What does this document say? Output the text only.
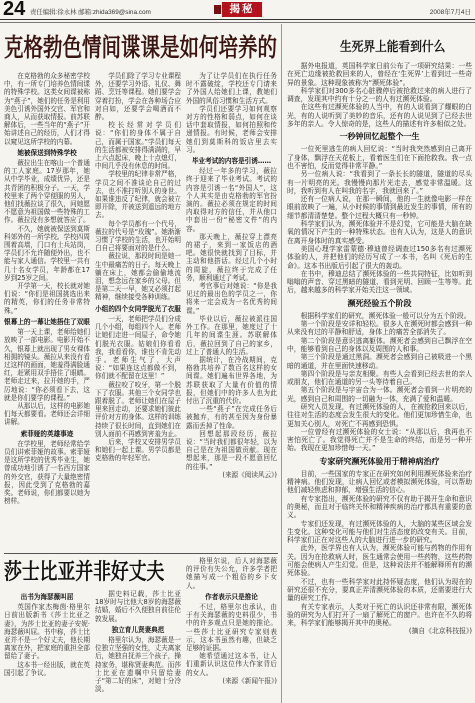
24 责任编辑:徐永林 邮箱:zhida369@sina.com	揭秘	2008年7月4日
克格勃色情间谍课是如何培养的

在克格勃的众多秘密学校中，有一所专门培养色情间谍的特殊学校。这类女间谍被称为“燕子”，她们的任务是利用美色引诱外国外交官、军官和商人，从而获取情报。前苏联解体后，一些当年的“燕子”开始讲述自己的经历，人们才得以窥见这所学校的内幕。

她被保送到特殊学校

薇拉出生在喀山一个普通的工人家庭。17岁那年，她从中学毕业，成绩优异，还是共青团的积极分子。一天，学校里来了两个穿便服的男人，他们找薇拉谈了很久，问她愿不愿意为祖国做一些特殊的工作。薇拉没有多想就答应了。

不久，她就被保送到莫斯科郊外的一所学校。学校四周围着高墙，门口有士兵站岗，学员们不允许随便外出，也不能与家人通信。学校里一共有几十名女学员，年龄都在17岁到25岁之间。

开学第一天，校长就对她们说：“你们是祖国挑选出来的精英，你们的任务非常特殊。”

银幕上的一幕让她捂住了双眼

第一天上课，老师给她们放映了一部电影。电影开始不久，银幕上就出现了男女裸体相拥的镜头。薇拉从来没有看过这样的画面，她羞得满脸通红，赶紧用双手捂住了眼睛。老师走过来，拉开她的手，严厉地说：“你必须看下去，这就是你们要学的课程。”

从那以后，这样的电影她们每天都要看。老师还会详细讲解。

索菲娅的英雄事迹

在学校里，老师经常给学员们讲索菲娅的故事。索菲娅是这所学校的优秀毕业生，她曾成功地引诱了一名西方国家的外交官，获得了大量绝密情报，因此受到了克格勃的嘉奖。老师说，你们都要以她为榜样。

学员们除了学习专业课程外，还要学习外语、礼仪、舞蹈、烹饪等课程。她们要学会穿着打扮，学会在各种场合应对自如，还要学会喝酒而不醉。

校长经常对学员们说：“你们的身体不属于自己，而属于国家。”学员们每天的生活都被安排得满满的，早上六点起床，晚上十点熄灯，中间几乎没有休息的时间。

学校里的纪律非常严格，学员之间不准谈论自己的过去，也不准打听别人的身世。如果谁违反了纪律，就会被立即开除，并被送到遥远的地方去。

每个学员都有一个代号，薇拉的代号是“玫瑰”。她渐渐习惯了学校的生活，也开始明白自己将要面对的是什么。

薇拉说，那段时间是她一生中最痛苦的日子。每天晚上躺在床上，她都会偷偷地流泪，想念远在家乡的父母。但是第二天一早，她又必须打起精神，继续接受各种训练。

小组的四个女同学脱光了衣服

一天，老师把学员们分成几个小组，每组四个人。老师让她们走进一间屋子，命令她们脱光衣服。姑娘们你看看我，我看看你，谁也不肯先动手。老师生气了，大声说：“如果连这点都做不到，你们就不配留在这里！”

薇拉咬了咬牙，第一个脱下了衣服。其他三个女同学也跟着脱了。老师让她们在屋子里来回走动，还要求她们彼此评价对方的身体。这样的训练持续了很长时间，直到她们在别人面前不再感到害羞为止。

后来，学校又安排男学员和她们一起上课。男学员都是克格勃的年轻军官。

为了让学员们在执行任务时不露破绽，学校还专门请来了外国人给她们上课，教她们外国的风俗习惯和生活方式。

学员们还要学习如何观察对方的性格和弱点，如何在谈话中套取情报，如何拍照和传递情报。有时候，老师会安排她们到莫斯科的饭店里去实习。

毕业考试的内容是引诱……

经过一年多的学习，薇拉终于迎来了毕业考试。考试的内容是引诱一名“外国人”，这个人其实是由克格勃的军官扮演的。薇拉必须在规定的时间内取得对方的信任，并从他口中套出一份“秘密文件”的内容。

那天晚上，薇拉穿上漂亮的裙子，来到一家饭店的酒吧。她很快就找到了目标，并主动和他搭话。经过几个小时的周旋，薇拉终于完成了任务，顺利通过了考试。

考官事后对她说：“你是我见过的最出色的学员之一，你将来一定会成为一名优秀的间谍。”

毕业以后，薇拉被派往国外工作。在那里，她度过了十几年的间谍生涯。苏联解体后，薇拉回到了自己的家乡，过上了普通人的生活。

据统计，在冷战期间，克格勃共培养了数百名这样的女间谍。她们遍布世界各地，为苏联获取了大量有价值的情报，但她们中的许多人也为此付出了沉重的代价。

一些“燕子”在完成任务后被抛弃，有的甚至因为身份暴露而丢掉了性命。

回想起那段经历，薇拉说：“当时我们都很年轻，以为自己是在为祖国做贡献。现在想起来，那是一段不愿意回忆的往事。”

(来源《阅读风云》)

生死界上能看到什么

据外电报道，英国科学家日前公布了一项研究结果：一些在死亡边缘被抢救回来的人，曾经在‘生死界’上看到过一些奇异的景象。这种现象被称为“濒死体验”。

科学家们对300多名心脏骤停后被抢救过来的病人进行了调查，发现其中约有十分之一的人有过濒死体验。

在这些有过濒死体验的人当中，有的人说看到了耀眼的白光，有的人说听到了美妙的音乐，还有的人说见到了已经去世多年的亲人。令人惊奇的是，这些人的描述有许多相似之处。

一秒钟回忆起整个一生

一位死里逃生的病人回忆说：“当时我突然感到自己离开了身体，飘浮在天花板上，看着医生们在下面抢救我。我一点也不害怕，反而觉得非常平静。”

另一位病人说：“我看到了一条长长的隧道，隧道的尽头有一片明亮的光。我慢慢向那片光走去，感觉非常温暖。这时，我听到有人在叫我的名字，我就回来了。”

还有一位病人说，在那一瞬间，他的一生就像电影一样在眼前放映了一遍，从小时候的事情到最近发生的事情，所有的细节都清清楚楚。整个过程大概只有一秒钟。

科学家们认为，濒死体验并不是幻觉，它可能是大脑在缺氧的情况下产生的一种特殊状态。也有人认为，这是人的意识在离开身体时的真实感受。

美国心理学家雷蒙德·穆迪曾经调查过150多名有过濒死体验的人，并把他们的经历写成了一本书，名叫《死后的生命》。这本书出版后引起了很大的轰动。

在书中，穆迪总结了濒死体验的一些共同特征，比如听到嗡嗡的声音、穿过黑暗的隧道、看到光明、回顾一生等等。此后，越来越多的科学家开始关注这一领域。

濒死经验五个阶段

根据科学家们的研究，濒死体验一般可以分为五个阶段。

第一个阶段是安详和轻松。很多人在濒死时都会感到一种从来没有过的平静和舒适，身体上的痛苦全部消失了。

第二个阶段是意识逃离躯体。濒死者会感到自己飘浮在空中，能够看到自己的身体以及周围的人和事。

第三个阶段是通过黑洞。濒死者会感到自己被吸进一个黑暗的通道，并在里面快速移动。

第四个阶段是与亲友相聚。有些人会看到已经去世的亲人或朋友，他们在通道的另一头等待着自己。

第五个阶段是与宇宙合为一体。濒死者会看到一片明亮的光，感到自己和周围的一切融为一体，充满了爱和温暖。

研究人员发现，有过濒死体验的人，在被抢救回来以后，往往对生活的态度会发生很大的变化。他们更加珍惜生命，也更加关心别人，对死亡不再感到恐惧。

一位曾经有过濒死体验的女士说：“从那以后，我再也不害怕死亡了。我觉得死亡并不是生命的终结，而是另一种开始。我现在更加珍惜每一天。”

专家研究濒死体验用于精神病治疗

目前，一些国家的专家正在研究如何利用濒死体验来治疗精神病。他们发现，让病人回忆或者模拟濒死体验，可以帮助他们减轻焦虑和抑郁，增强生活的信心。

有专家指出，濒死体验的研究不仅有助于揭开生命和意识的奥秘，而且对于临终关怀和精神疾病的治疗都具有重要的意义。

专家们还发现，有过濒死体验的人，大脑的某些区域会发生变化。这种变化可能与他们对生活态度的改变有关。目前，科学家们正在对这些人的大脑进行进一步的研究。

此外，医学界也有人认为，濒死体验可能与药物的作用有关。因为在抢救病人时，医生通常会使用一些药物，这些药物可能会使病人产生幻觉。但是，这种说法并不能解释所有的濒死体验。

不过，也有一些科学家对此持怀疑态度，他们认为现在的研究还很不充分，要真正弄清濒死体验的本质，还需要进行大量的研究工作。

有关专家表示，人类对于死亡的认识还非常有限，濒死体验的研究为人们打开了一扇了解死亡的窗户。也许在不久的将来，科学家们能够揭开其中的奥秘。

(摘自《北京科技报》)

莎士比亚并非好丈夫

出书为海瑟薇叫屈

英国作家杰梅茵·格里尔日前出版新书《莎士比亚之妻》，为莎士比亚的妻子安妮·海瑟薇叫屈。书中称，莎士比亚并不是一个好丈夫，他长期离家在外，把家庭的重担全部留给了妻子。

这本书一经出版，就在英国引起了争议。

据史料记载，莎士比亚18岁时与比他大8岁的海瑟薇结婚，婚后不久便独自前往伦敦发展。

独立育儿贤妻典范

格里尔认为，海瑟薇是一位独立坚强的女性，丈夫离家后，她独自抚养三个孩子，操持家务，堪称贤妻典范。而莎士比亚在遗嘱中只留给妻子“第二好的床”，对她十分冷淡。

格里尔说，后人对海瑟薇的评价有失公允，许多学者把她描写成一个粗俗的乡下女人。

作者表示只是推论

不过，格里尔也承认，由于有关海瑟薇的史料很少，书中的许多观点只是她的推论。一些莎士比亚研究专家则表示，这本书虽然有趣，但缺乏足够的证据。

她希望通过这本书，让人们重新认识这位伟大作家背后的女人。

(来源《新闻午报》)
